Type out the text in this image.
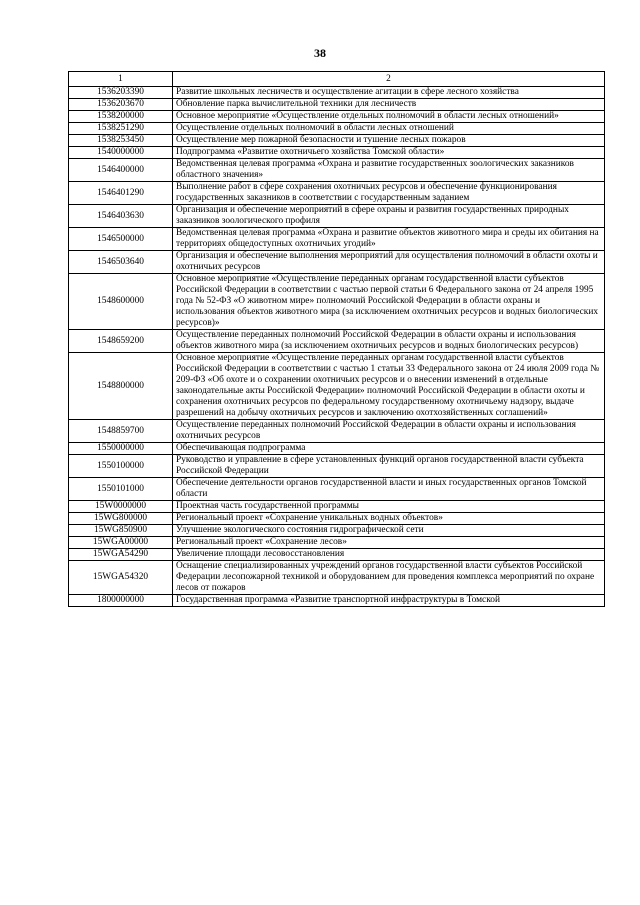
38
1	2
1536203390	Развитие школьных лесничеств и осуществление агитации в сфере лесного хозяйства
1536203670	Обновление парка вычислительной техники для лесничеств
1538200000	Основное мероприятие «Осуществление отдельных полномочий в области лесных отношений»
1538251290	Осуществление отдельных полномочий в области лесных отношений
1538253450	Осуществление мер пожарной безопасности и тушение лесных пожаров
1540000000	Подпрограмма «Развитие охотничьего хозяйства Томской области»
1546400000	Ведомственная целевая программа «Охрана и развитие государственных зоологических заказников областного значения»
1546401290	Выполнение работ в сфере сохранения охотничьих ресурсов и обеспечение функционирования государственных заказников в соответствии с государственным заданием
1546403630	Организация и обеспечение мероприятий в сфере охраны и развития государственных природных заказников зоологического профиля
1546500000	Ведомственная целевая программа «Охрана и развитие объектов животного мира и среды их обитания на территориях общедоступных охотничьих угодий»
1546503640	Организация и обеспечение выполнения мероприятий для осуществления полномочий в области охоты и охотничьих ресурсов
1548600000	Основное мероприятие «Осуществление переданных органам государственной власти субъектов Российской Федерации в соответствии с частью первой статьи 6 Федерального закона от 24 апреля 1995 года № 52-ФЗ «О животном мире» полномочий Российской Федерации в области охраны и использования объектов животного мира (за исключением охотничьих ресурсов и водных биологических ресурсов)»
1548659200	Осуществление переданных полномочий Российской Федерации в области охраны и использования объектов животного мира (за исключением охотничьих ресурсов и водных биологических ресурсов)
1548800000	Основное мероприятие «Осуществление переданных органам государственной власти субъектов Российской Федерации в соответствии с частью 1 статьи 33 Федерального закона от 24 июля 2009 года № 209-ФЗ «Об охоте и о сохранении охотничьих ресурсов и о внесении изменений в отдельные законодательные акты Российской Федерации» полномочий Российской Федерации в области охоты и сохранения охотничьих ресурсов по федеральному государственному охотничьему надзору, выдаче разрешений на добычу охотничьих ресурсов и заключению охотхозяйственных соглашений»
1548859700	Осуществление переданных полномочий Российской Федерации в области охраны и использования охотничьих ресурсов
1550000000	Обеспечивающая подпрограмма
1550100000	Руководство и управление в сфере установленных функций органов государственной власти субъекта Российской Федерации
1550101000	Обеспечение деятельности органов государственной власти и иных государственных органов Томской области
15W0000000	Проектная часть государственной программы
15WG800000	Региональный проект «Сохранение уникальных водных объектов»
15WG850900	Улучшение экологического состояния гидрографической сети
15WGA00000	Региональный проект «Сохранение лесов»
15WGA54290	Увеличение площади лесовосстановления
15WGA54320	Оснащение специализированных учреждений органов государственной власти субъектов Российской Федерации лесопожарной техникой и оборудованием для проведения комплекса мероприятий по охране лесов от пожаров
1800000000	Государственная программа «Развитие транспортной инфраструктуры в Томской
